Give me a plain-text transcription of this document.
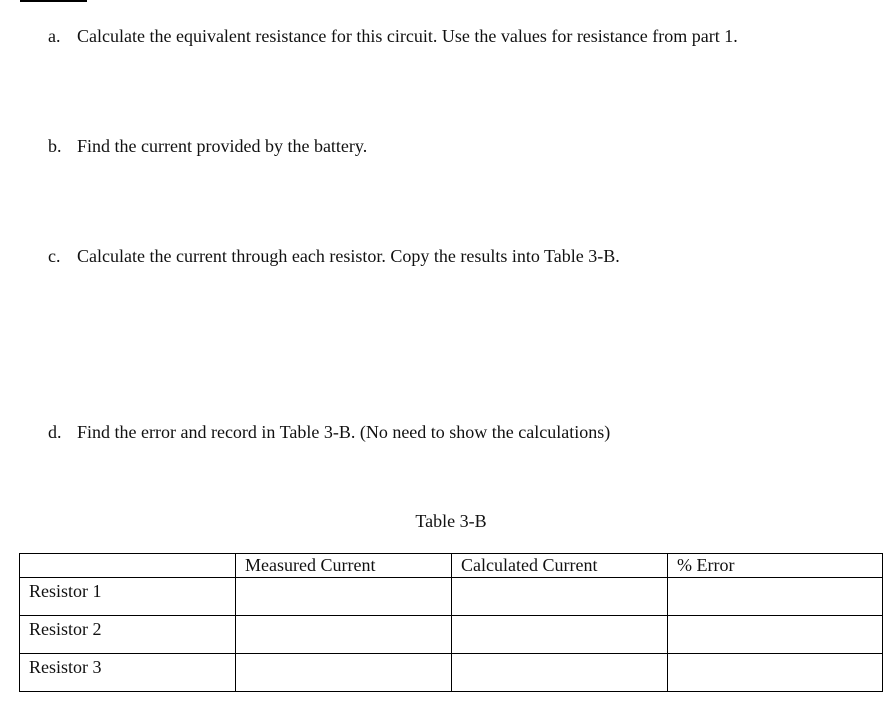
a. Calculate the equivalent resistance for this circuit. Use the values for resistance from part 1.
b. Find the current provided by the battery.
c. Calculate the current through each resistor. Copy the results into Table 3-B.
d. Find the error and record in Table 3-B. (No need to show the calculations)
Table 3-B
	Measured Current	Calculated Current	% Error
Resistor 1			
Resistor 2			
Resistor 3			
